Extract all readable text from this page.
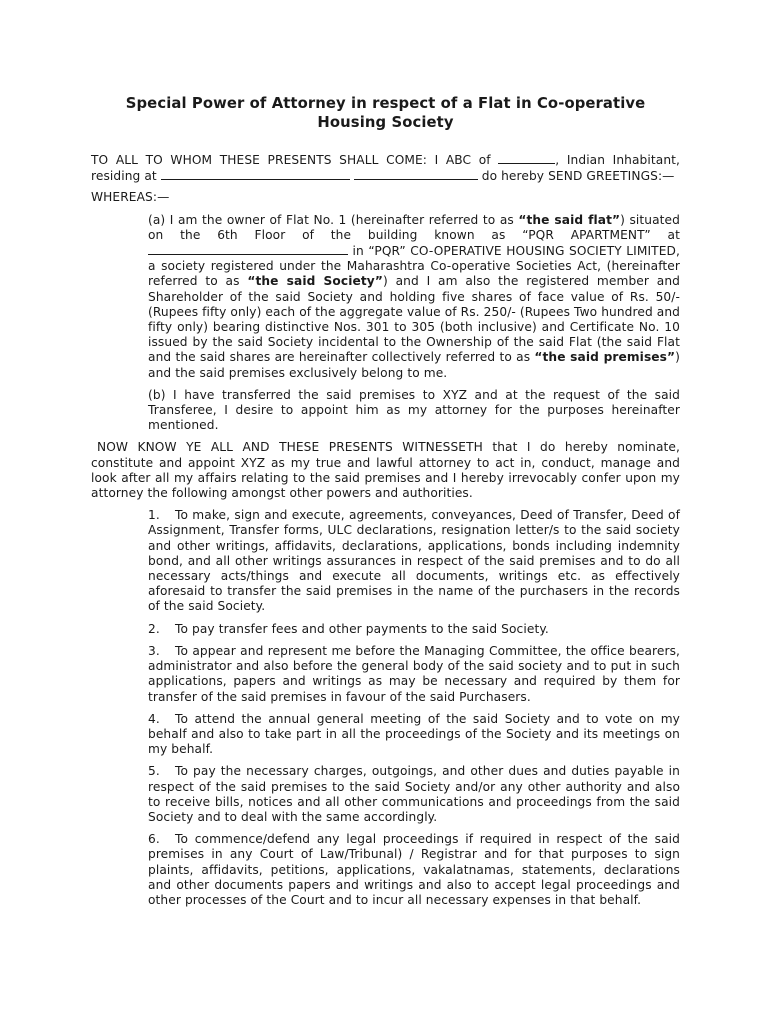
Special Power of Attorney in respect of a Flat in Co-operative
Housing Society

TO ALL TO WHOM THESE PRESENTS SHALL COME: I ABC of	, Indian Inhabitant, residing at	do hereby SEND GREETINGS:—

WHEREAS:—

(a) I am the owner of Flat No. 1 (hereinafter referred to as “the said flat”) situated on the 6th Floor of the building known as “PQR APARTMENT” at  in “PQR” CO-OPERATIVE HOUSING SOCIETY LIMITED, a society registered under the Maharashtra Co-operative Societies Act, (hereinafter referred to as “the said Society”) and I am also the registered member and Shareholder of the said Society and holding five shares of face value of Rs. 50/- (Rupees fifty only) each of the aggregate value of Rs. 250/- (Rupees Two hundred and fifty only) bearing distinctive Nos. 301 to 305 (both inclusive) and Certificate No. 10 issued by the said Society incidental to the Ownership of the said Flat (the said Flat and the said shares are hereinafter collectively referred to as “the said premises”) and the said premises exclusively belong to me.

(b) I have transferred the said premises to XYZ and at the request of the said Transferee, I desire to appoint him as my attorney for the purposes hereinafter mentioned.

NOW KNOW YE ALL AND THESE PRESENTS WITNESSETH that I do hereby nominate, constitute and appoint XYZ as my true and lawful attorney to act in, conduct, manage and look after all my affairs relating to the said premises and I hereby irrevocably confer upon my attorney the following amongst other powers and authorities.

1. To make, sign and execute, agreements, conveyances, Deed of Transfer, Deed of Assignment, Transfer forms, ULC declarations, resignation letter/s to the said society and other writings, affidavits, declarations, applications, bonds including indemnity bond, and all other writings assurances in respect of the said premises and to do all necessary acts/things and execute all documents, writings etc. as effectively aforesaid to transfer the said premises in the name of the purchasers in the records of the said Society.

2. To pay transfer fees and other payments to the said Society.

3. To appear and represent me before the Managing Committee, the office bearers, administrator and also before the general body of the said society and to put in such applications, papers and writings as may be necessary and required by them for transfer of the said premises in favour of the said Purchasers.

4. To attend the annual general meeting of the said Society and to vote on my behalf and also to take part in all the proceedings of the Society and its meetings on my behalf.

5. To pay the necessary charges, outgoings, and other dues and duties payable in respect of the said premises to the said Society and/or any other authority and also to receive bills, notices and all other communications and proceedings from the said Society and to deal with the same accordingly.

6. To commence/defend any legal proceedings if required in respect of the said premises in any Court of Law/Tribunal) / Registrar and for that purposes to sign plaints, affidavits, petitions, applications, vakalatnamas, statements, declarations and other documents papers and writings and also to accept legal proceedings and other processes of the Court and to incur all necessary expenses in that behalf.
